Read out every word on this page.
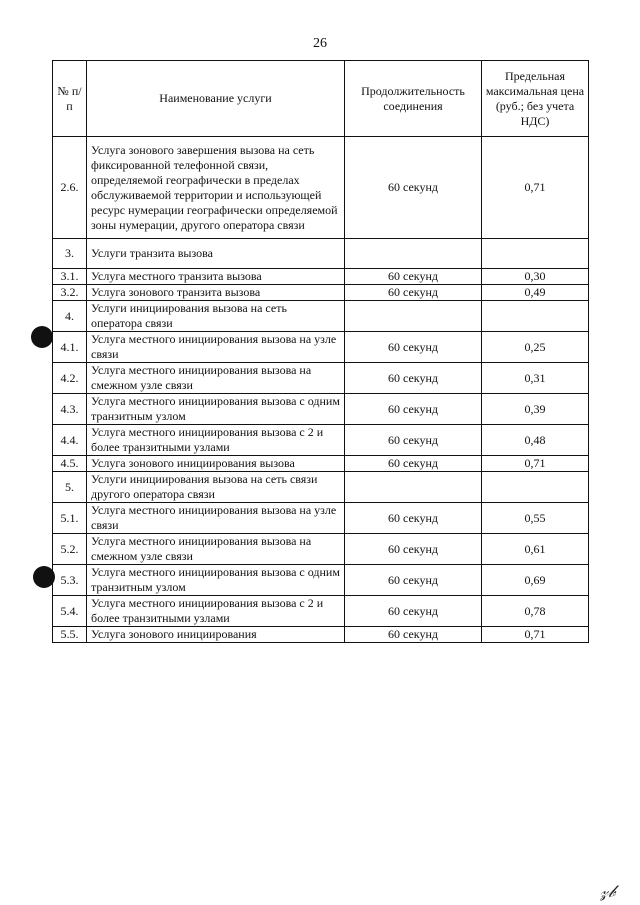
26
№ п/п	Наименование услуги	Продолжительность соединения	Предельная максимальная цена (руб.; без учета НДС)
2.6.	Услуга зонового завершения вызова на сеть фиксированной телефонной связи, определяемой географически в пределах обслуживаемой территории и использующей ресурс нумерации географически определяемой зоны нумерации, другого оператора связи	60 секунд	0,71
3.	Услуги транзита вызова		
3.1.	Услуга местного транзита вызова	60 секунд	0,30
3.2.	Услуга зонового транзита вызова	60 секунд	0,49
4.	Услуги инициирования вызова на сеть оператора связи		
4.1.	Услуга местного инициирования вызова на узле связи	60 секунд	0,25
4.2.	Услуга местного инициирования вызова на смежном узле связи	60 секунд	0,31
4.3.	Услуга местного инициирования вызова с одним транзитным узлом	60 секунд	0,39
4.4.	Услуга местного инициирования вызова с 2 и более транзитными узлами	60 секунд	0,48
4.5.	Услуга зонового инициирования вызова	60 секунд	0,71
5.	Услуги инициирования вызова на сеть связи другого оператора связи		
5.1.	Услуга местного инициирования вызова на узле связи	60 секунд	0,55
5.2.	Услуга местного инициирования вызова на смежном узле связи	60 секунд	0,61
5.3.	Услуга местного инициирования вызова с одним транзитным узлом	60 секунд	0,69
5.4.	Услуга местного инициирования вызова с 2 и более транзитными узлами	60 секунд	0,78
5.5.	Услуга зонового инициирования	60 секунд	0,71
𝓏𝒷
